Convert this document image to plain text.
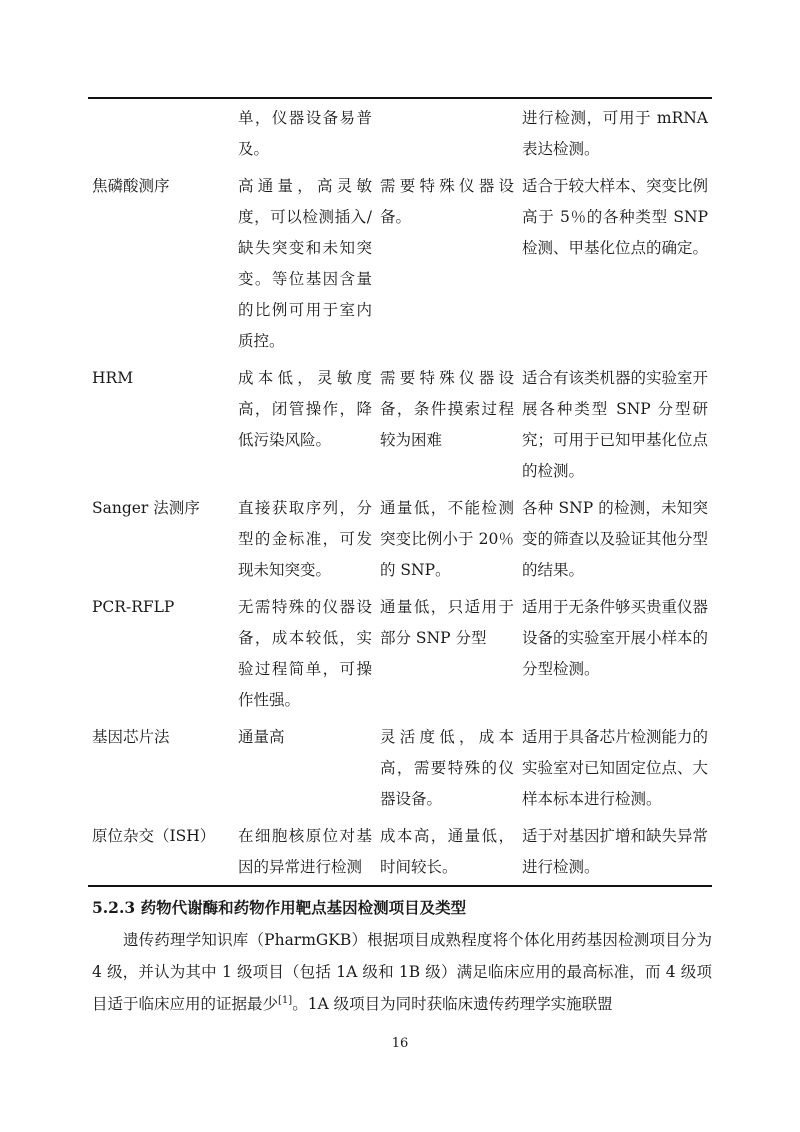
	单，仪器设备易普及。		进行检测，可用于 mRNA 表达检测。
焦磷酸测序	高通量，高灵敏度，可以检测插入/缺失突变和未知突变。等位基因含量的比例可用于室内质控。	需要特殊仪器设备。	适合于较大样本、突变比例高于 5％的各种类型 SNP 检测、甲基化位点的确定。
HRM	成本低，灵敏度高，闭管操作，降低污染风险。	需要特殊仪器设备，条件摸索过程较为困难	适合有该类机器的实验室开展各种类型 SNP 分型研究；可用于已知甲基化位点的检测。
Sanger 法测序	直接获取序列，分型的金标准，可发现未知突变。	通量低，不能检测突变比例小于 20％的 SNP。	各种 SNP 的检测，未知突变的筛查以及验证其他分型的结果。
PCR-RFLP	无需特殊的仪器设备，成本较低，实验过程简单，可操作性强。	通量低，只适用于部分 SNP 分型	适用于无条件够买贵重仪器设备的实验室开展小样本的分型检测。
基因芯片法	通量高	灵活度低，成本高，需要特殊的仪器设备。	适用于具备芯片检测能力的实验室对已知固定位点、大样本标本进行检测。
原位杂交（ISH）	在细胞核原位对基因的异常进行检测	成本高，通量低，时间较长。	适于对基因扩增和缺失异常进行检测。
5.2.3 药物代谢酶和药物作用靶点基因检测项目及类型
遗传药理学知识库（PharmGKB）根据项目成熟程度将个体化用药基因检测项目分为 4 级，并认为其中 1 级项目（包括 1A 级和 1B 级）满足临床应用的最高标准，而 4 级项目适于临床应用的证据最少[1]。1A 级项目为同时获临床遗传药理学实施联盟
16
